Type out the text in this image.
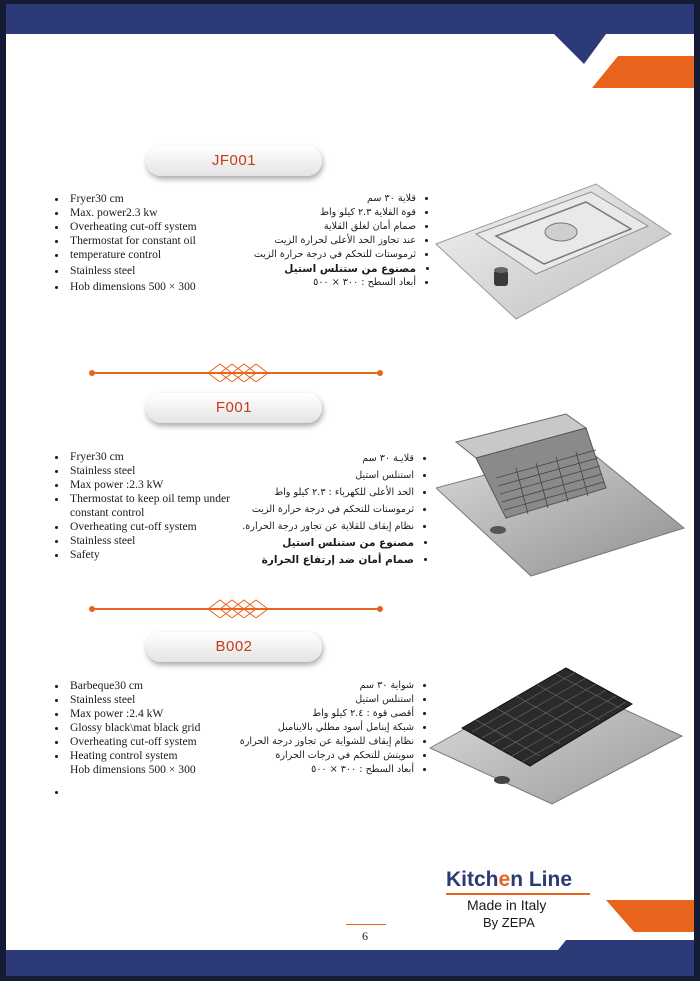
JF001
• Fryer30 cm
• Max. power2.3 kw
• Overheating cut-off system
• Thermostat for constant oil
• temperature control
• Stainless steel
• Hob dimensions 500 × 300
• قلاية ٣٠ سم
• قوة القلاية ٢.٣ كيلو واط
• صمام أمان لغلق القلاية
• عند تجاوز الحد الأعلى لحرارة الزيت
• ثرموستات للتحكم في درجة حرارة الزيت
• مصنوع من ستنلس استيل
• أبعاد السطح : ٣٠٠ × ٥٠٠
F001
• Fryer30 cm
• Stainless steel
• Max power :2.3 kW
• Thermostat to keep oil temp under constant control
• Overheating cut-off system
• Stainless steel
• Safety
• قلايـة ٣٠ سم
• استنلس استيل
• الحد الأعلى للكهرباء : ٢.٣ كيلو واط
• ثرموستات للتحكم في درجة حرارة الزيت
• نظام إيقاف للقلاية عن تجاوز درجة الحرارة.
• مصنوع من ستنلس استيل
• صمام أمان ضد إرتفاع الحرارة
B002
• Barbeque30 cm
• Stainless steel
• Max power :2.4 kW
• Glossy black\mat black grid
• Overheating cut-off system
• Heating control system
Hob dimensions 500 × 300
•
• شواية ٣٠ سم
• استنلس استيل
• أقصى قوة : ٢.٤ كيلو واط
• شبكة إينامل أسود مطلي بالاينامبل
• نظام إيقاف للشواية عن تجاوز درجة الحرارة
• سويتش للتحكم في درجات الحرارة
• أبعاد السطح : ٣٠٠ × ٥٠٠
Kitchen Line
Made in Italy
By ZEPA
6
